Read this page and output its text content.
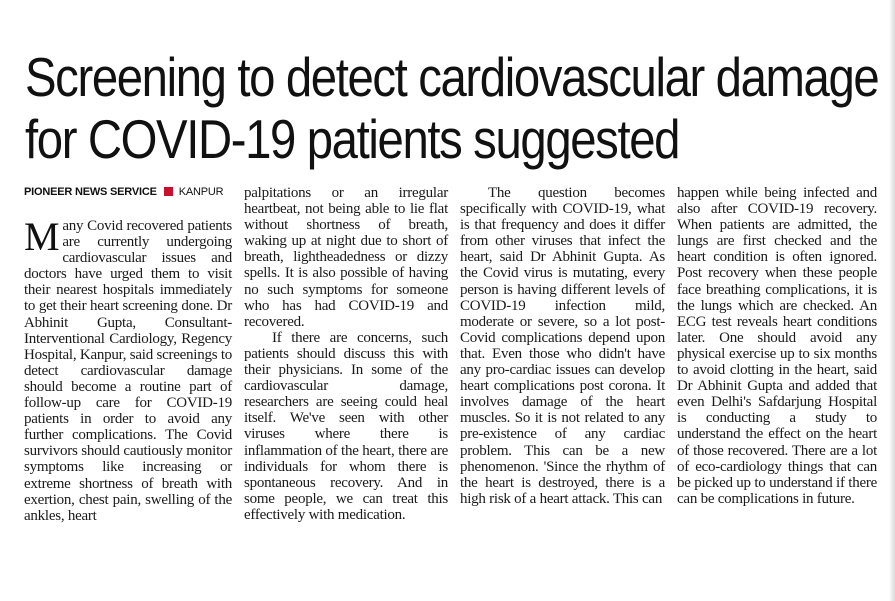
Screening to detect cardiovascular damage
for COVID-19 patients suggested
PIONEER NEWS SERVICE KANPUR

Many Covid recovered patients are currently undergoing cardiovascular issues and doctors have urged them to visit their nearest hospitals immediately to get their heart screening done. Dr Abhinit Gupta, Consultant-Interventional Cardiology, Regency Hospital, Kanpur, said screenings to detect cardiovascular damage should become a routine part of follow-up care for COVID-19 patients in order to avoid any further complications. The Covid survivors should cautiously monitor symptoms like increasing or extreme shortness of breath with exertion, chest pain, swelling of the ankles, heart

palpitations or an irregular heartbeat, not being able to lie flat without shortness of breath, waking up at night due to short of breath, lightheadedness or dizzy spells. It is also possible of having no such symptoms for someone who has had COVID-19 and recovered.

If there are concerns, such patients should discuss this with their physicians. In some of the cardiovascular damage, researchers are seeing could heal itself. We've seen with other viruses where there is inflammation of the heart, there are individuals for whom there is spontaneous recovery. And in some people, we can treat this effectively with medication.

The question becomes specifically with COVID-19, what is that frequency and does it differ from other viruses that infect the heart, said Dr Abhinit Gupta. As the Covid virus is mutating, every person is having different levels of COVID-19 infection mild, moderate or severe, so a lot post-Covid complications depend upon that. Even those who didn't have any pro-cardiac issues can develop heart complications post corona. It involves damage of the heart muscles. So it is not related to any pre-existence of any cardiac problem. This can be a new phenomenon. 'Since the rhythm of the heart is destroyed, there is a high risk of a heart attack. This can

happen while being infected and also after COVID-19 recovery. When patients are admitted, the lungs are first checked and the heart condition is often ignored. Post recovery when these people face breathing complications, it is the lungs which are checked. An ECG test reveals heart conditions later. One should avoid any physical exercise up to six months to avoid clotting in the heart, said Dr Abhinit Gupta and added that even Delhi's Safdarjung Hospital is conducting a study to understand the effect on the heart of those recovered. There are a lot of eco-cardiology things that can be picked up to understand if there can be complications in future.
